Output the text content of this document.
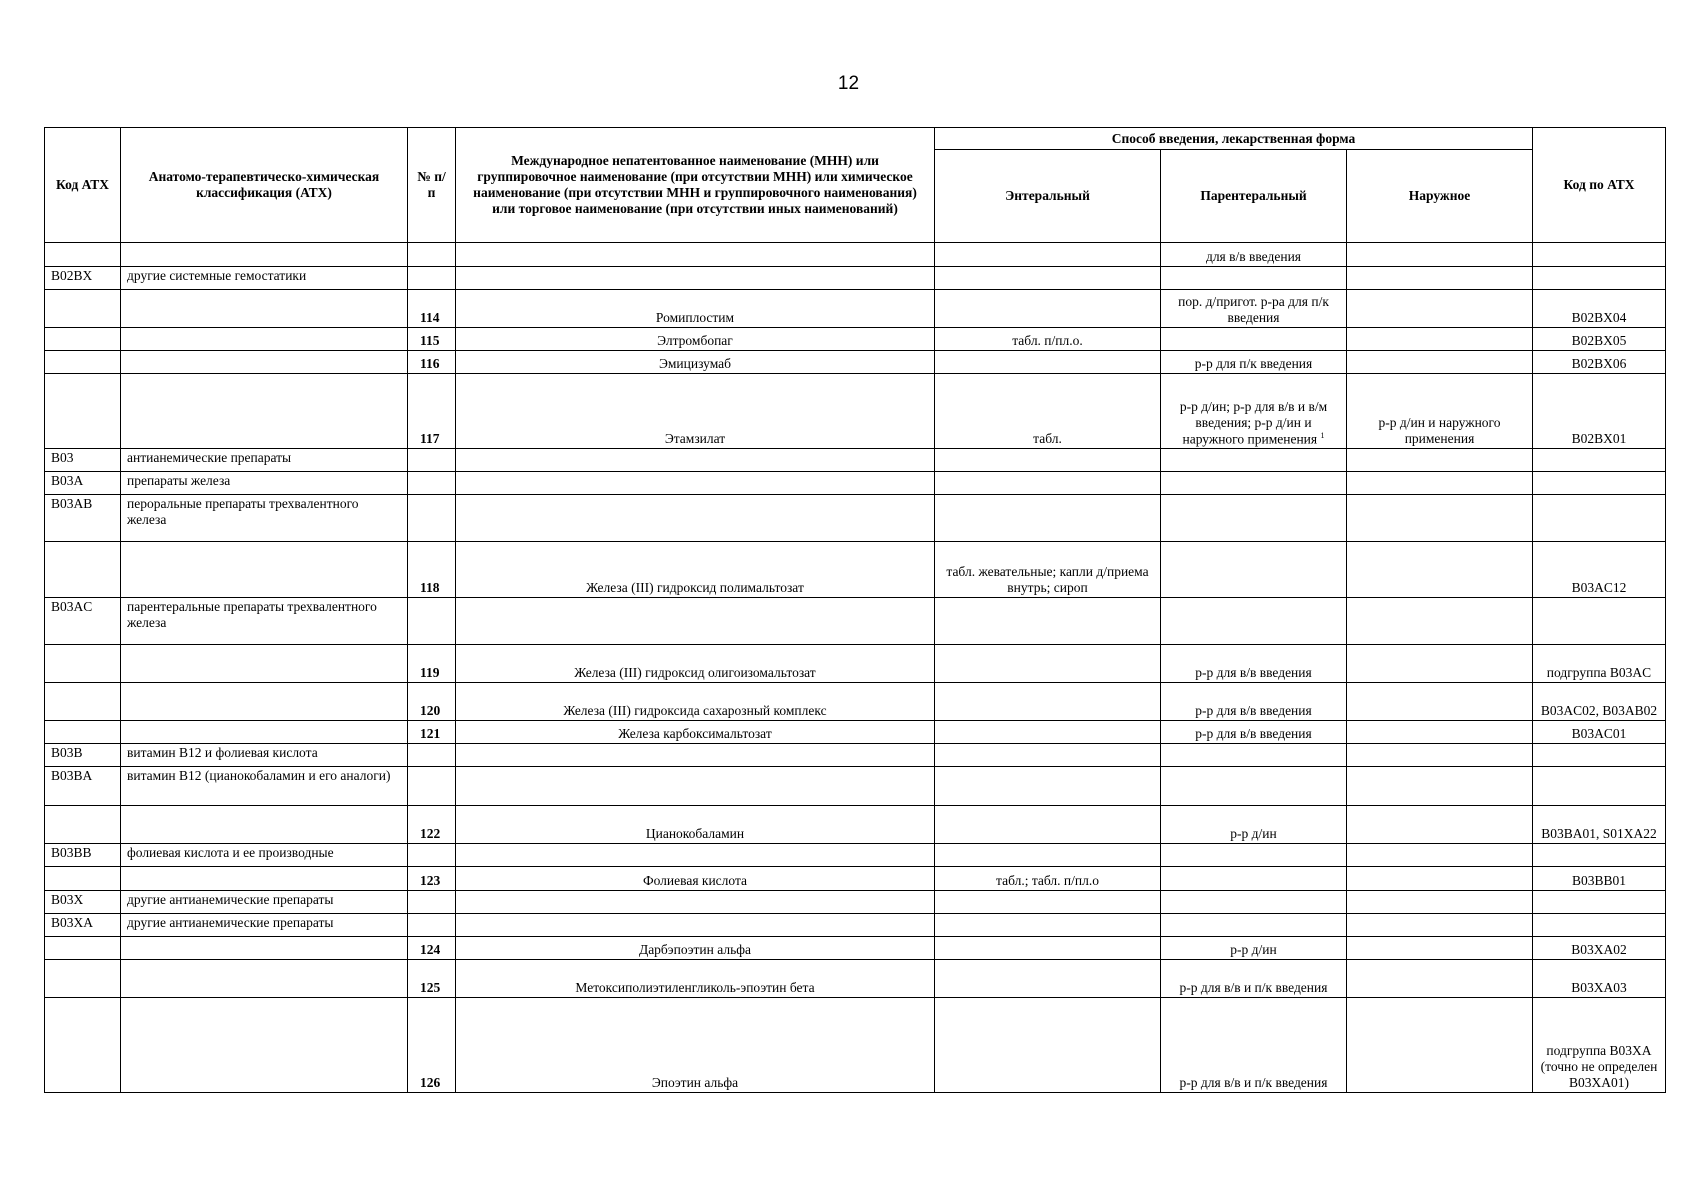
12
Код АТХ	Анатомо-терапевтическо-химическая классификация (АТХ)	№ п/п	Международное непатентованное наименование (МНН) или группировочное наименование (при отсутствии МНН) или химическое наименование (при отсутствии МНН и группировочного наименования) или торговое наименование (при отсутствии иных наименований)	Способ введения, лекарственная форма			Код по АТХ
				Энтеральный	Парентеральный	Наружное	
					для в/в введения		
B02BX	другие системные гемостатики						
		114	Ромиплостим		пор. д/пригот. р-ра для п/к введения		B02BX04
		115	Элтромбопаг	табл. п/пл.о.			B02BX05
		116	Эмицизумаб		р-р для п/к введения		B02BX06
		117	Этамзилат	табл.	р-р д/ин; р-р для в/в и в/м введения; р-р д/ин и наружного применения $^1$	р-р д/ин и наружного применения	B02BX01
B03	антианемические препараты						
B03A	препараты железа						
B03AB	пероральные препараты трехвалентного железа						
		118	Железа (III) гидроксид полимальтозат	табл. жевательные; капли д/приема внутрь; сироп			B03AC12
B03AC	парентеральные препараты трехвалентного железа						
		119	Железа (III) гидроксид олигоизомальтозат		р-р для в/в введения		подгруппа B03AC
		120	Железа (III) гидроксида сахарозный комплекс		р-р для в/в введения		B03AC02, B03AB02
		121	Железа карбоксимальтозат		р-р для в/в введения		B03AC01
B03B	витамин B12 и фолиевая кислота						
B03BA	витамин B12 (цианокобаламин и его аналоги)						
		122	Цианокобаламин		р-р д/ин		B03BA01, S01XA22
B03BB	фолиевая кислота и ее производные						
		123	Фолиевая кислота	табл.; табл. п/пл.о			B03BB01
B03X	другие антианемические препараты						
B03XA	другие антианемические препараты						
		124	Дарбэпоэтин альфа		р-р д/ин		B03XA02
		125	Метоксиполиэтиленгликоль-эпоэтин бета		р-р для в/в и п/к введения		B03XA03
		126	Эпоэтин альфа		р-р для в/в и п/к введения		подгруппа B03XA (точно не определен B03XA01)
